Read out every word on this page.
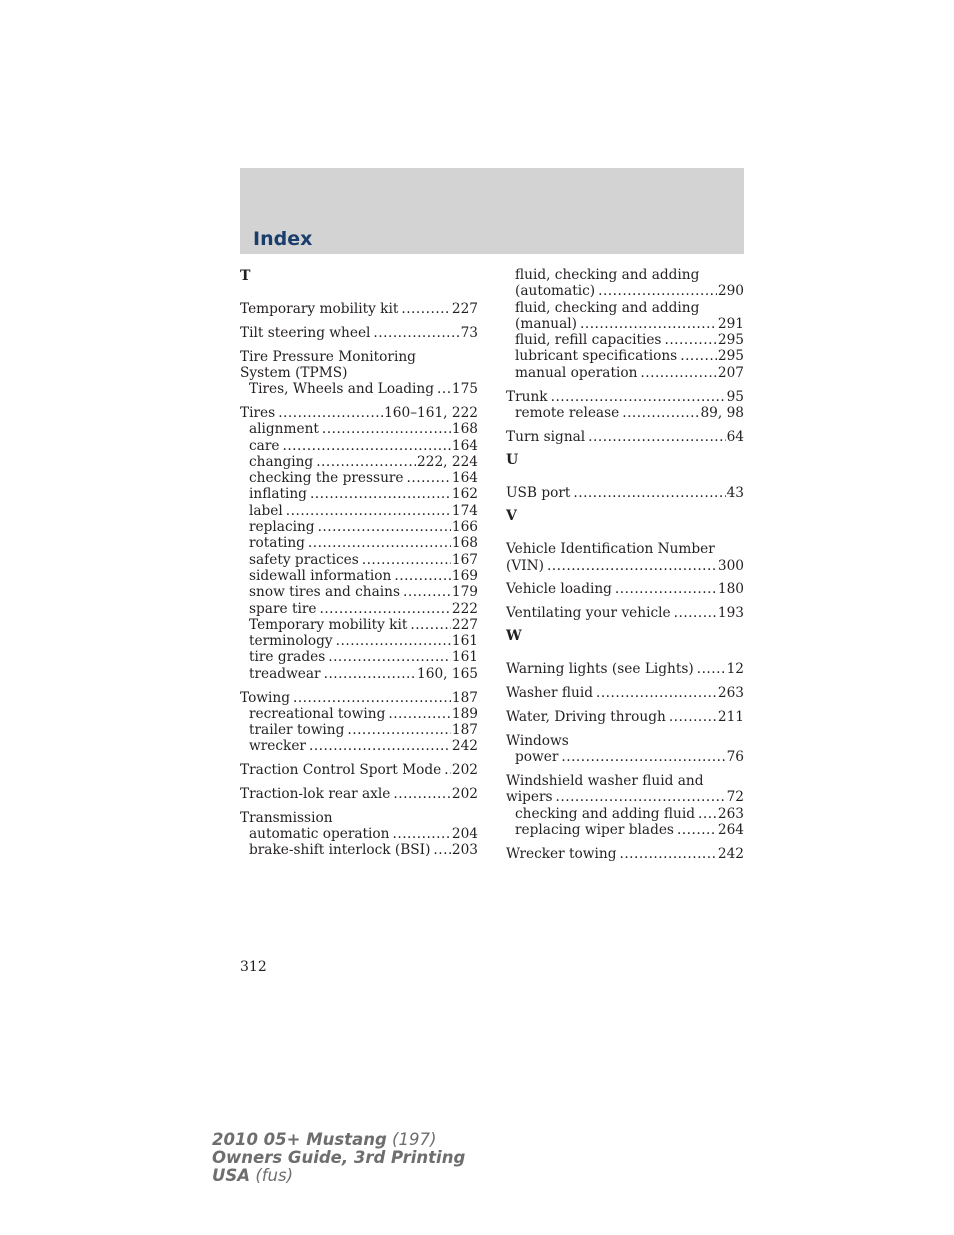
Index
T
Temporary mobility kit .....	227
Tilt steering wheel .....	73
Tire Pressure Monitoring
System (TPMS)
Tires, Wheels and Loading ..... 175
Tires .....	160–161, 222
alignment .....	168
care .....	164
changing .....	222, 224
checking the pressure .....	164
inflating .....	162
label .....	174
replacing .....	166
rotating .....	168
safety practices .....	167
sidewall information .....	169
snow tires and chains .....	179
spare tire .....	222
Temporary mobility kit .....	227
terminology .....	161
tire grades .....	161
treadwear .....	160, 165
Towing .....	187
recreational towing .....	189
trailer towing .....	187
wrecker .....	242
Traction Control Sport Mode ..... 202
Traction-lok rear axle .....	202
Transmission
automatic operation .....	204
brake-shift interlock (BSI) ..... 203
fluid, checking and adding
(automatic) .....	290
fluid, checking and adding
(manual) .....	291
fluid, refill capacities .....	295
lubricant specifications .....	295
manual operation .....	207
Trunk .....	95
remote release .....	89, 98
Turn signal .....	64
U
USB port .....	43
V
Vehicle Identification Number
(VIN) .....	300
Vehicle loading .....	180
Ventilating your vehicle .....	193
W
Warning lights (see Lights) ..... 12
Washer fluid .....	263
Water, Driving through .....	211
Windows
power .....	76
Windshield washer fluid and
wipers .....	72
checking and adding fluid ..... 263
replacing wiper blades .....	264
Wrecker towing .....	242
312
2010 05+ Mustang (197)
Owners Guide, 3rd Printing
USA (fus)
